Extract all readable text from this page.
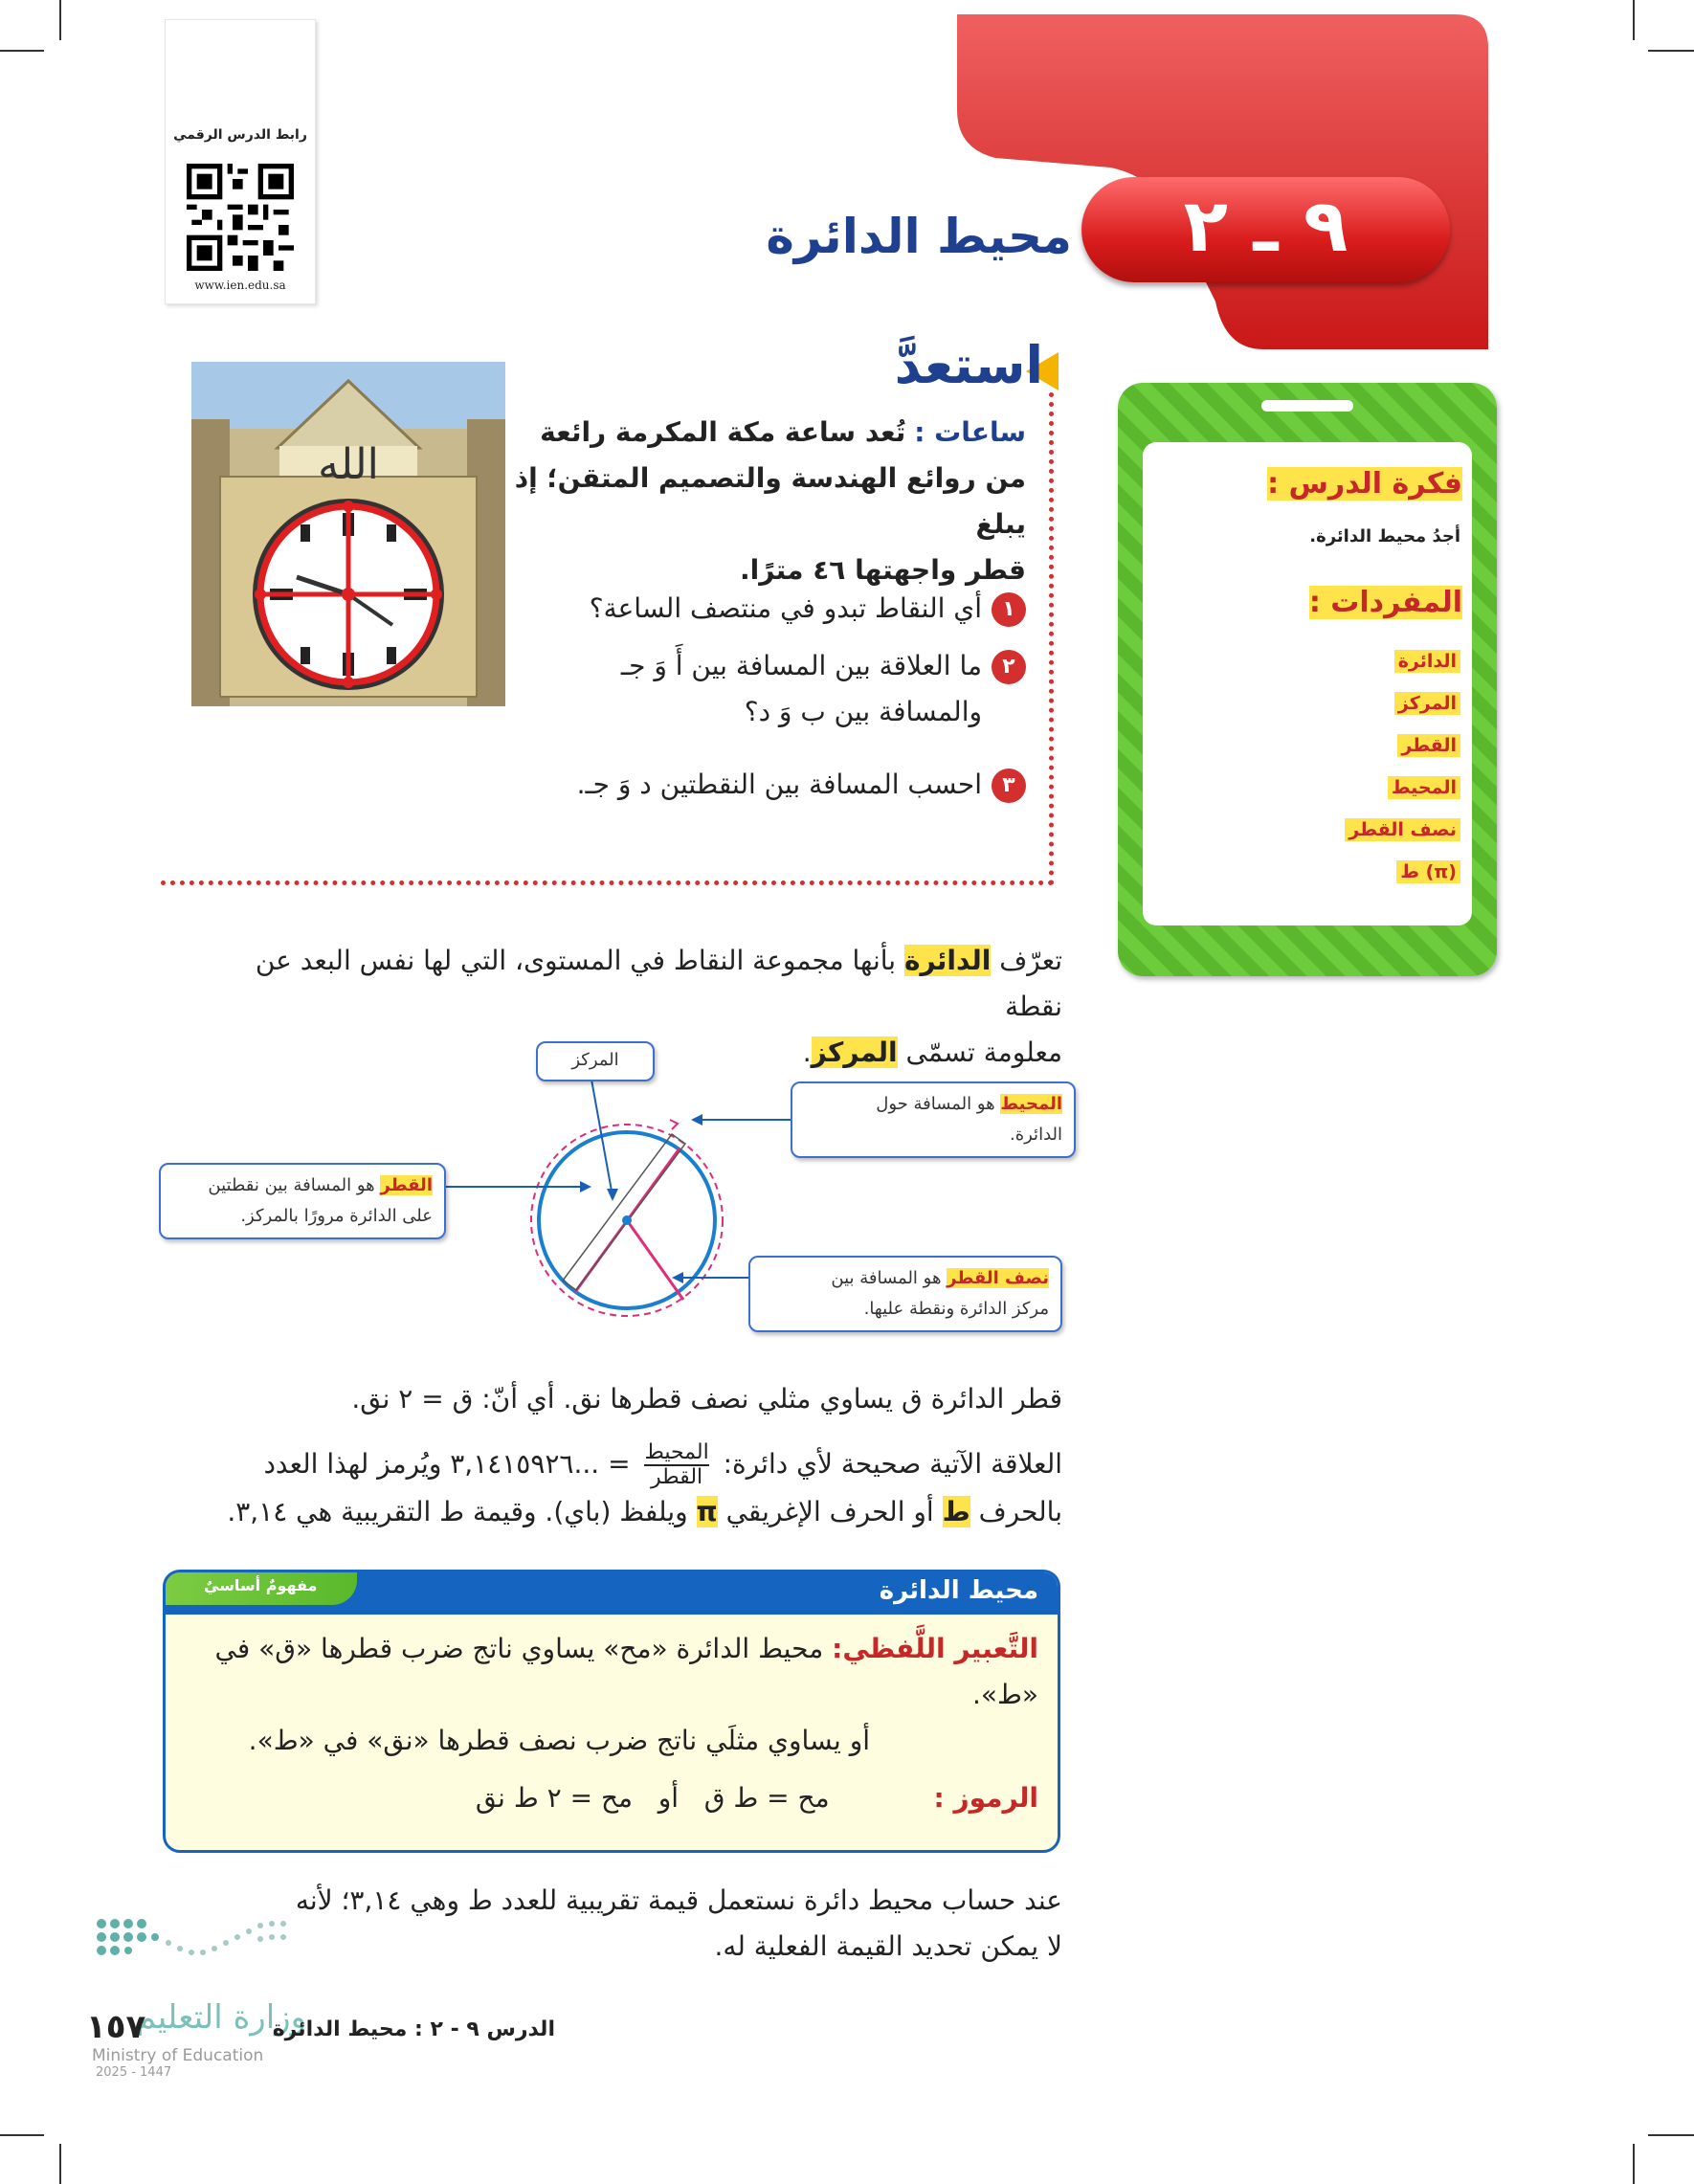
رابط الدرس الرقمي
www.ien.edu.sa
محيط الدائرة	٩ ـ ٢
فكرة الدرس :
أجدُ محيط الدائرة.
المفردات :
الدائرة
المركز
القطر
المحيط
نصف القطر
ط (π)
استعدَّ
الله
ساعات : تُعد ساعة مكة المكرمة رائعة
من روائع الهندسة والتصميم المتقن؛ إذ يبلغ
قطر واجهتها ٤٦ مترًا.
١أي النقاط تبدو في منتصف الساعة؟
٢ما العلاقة بين المسافة بين أَ وَ جـ
والمسافة بين ب وَ د؟
٣احسب المسافة بين النقطتين د وَ جـ.
تعرّف الدائرة بأنها مجموعة النقاط في المستوى، التي لها نفس البعد عن نقطة
معلومة تسمّى المركز.
المركز
المحيط هو المسافة حول
الدائرة.
القطر هو المسافة بين نقطتين
على الدائرة مرورًا بالمركز.
نصف القطر هو المسافة بين
مركز الدائرة ونقطة عليها.
قطر الدائرة ق يساوي مثلي نصف قطرها نق. أي أنّ: ق = ٢ نق.
العلاقة الآتية صحيحة لأي دائرة:
المحيط
القطر
= ...٣,١٤١٥٩٢٦ ويُرمز لهذا العدد
بالحرف ط أو الحرف الإغريقي π ويلفظ (باي). وقيمة ط التقريبية هي ٣,١٤.
محيط الدائرة
مفهومٌ أساسيٌ
التَّعبير اللَّفظي: محيط الدائرة «مح» يساوي ناتج ضرب قطرها «ق» في «ط».
أو يساوي مثلَي ناتج ضرب نصف قطرها «نق» في «ط».
الرموز : مح = ط ق   أو   مح = ٢ ط نق
عند حساب محيط دائرة نستعمل قيمة تقريبية للعدد ط وهي ٣,١٤؛ لأنه
لا يمكن تحديد القيمة الفعلية له.
وزارة التعليم
Ministry of Education
2025 - 1447
١٥٧	الدرس ٩ - ٢ : محيط الدائرة
